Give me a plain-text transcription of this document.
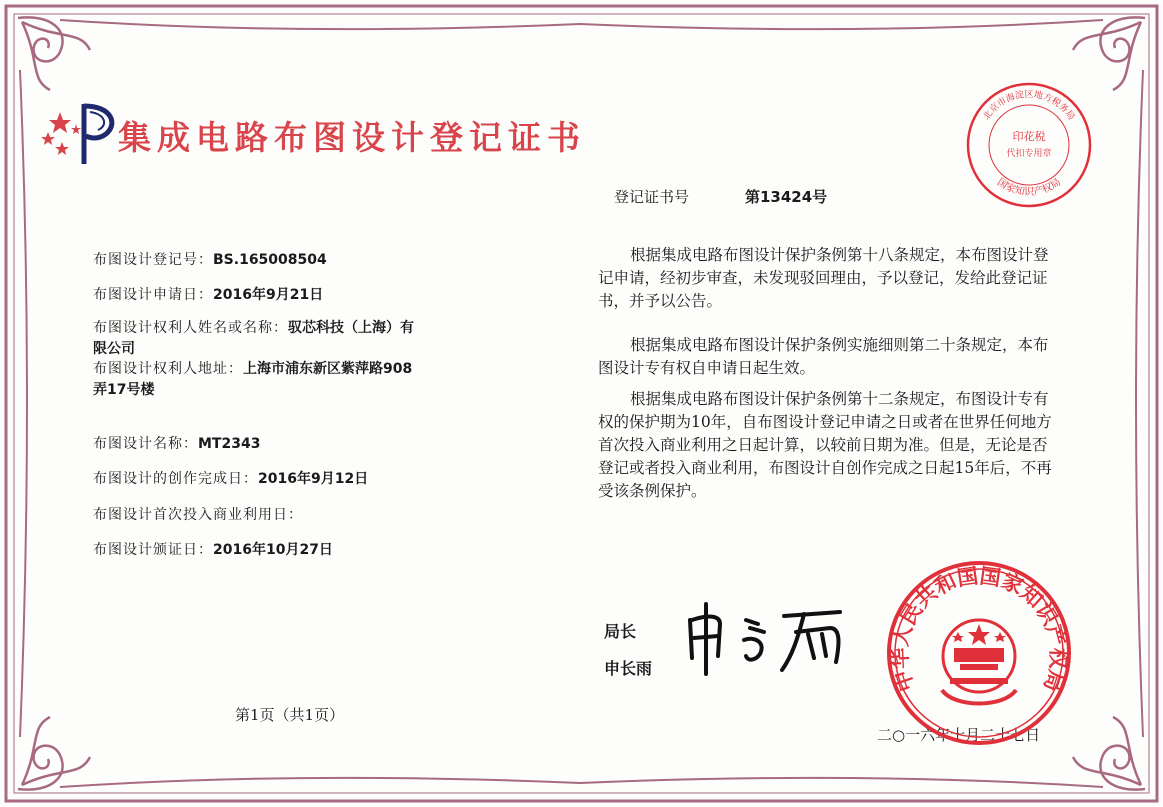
集成电路布图设计登记证书
登记证书号	第13424号
布图设计登记号：BS.165008504
布图设计申请日：2016年9月21日
布图设计权利人姓名或名称：驭芯科技（上海）有
限公司
布图设计权利人地址：上海市浦东新区紫萍路908
弄17号楼
布图设计名称：MT2343
布图设计的创作完成日：2016年9月12日
布图设计首次投入商业利用日：
布图设计颁证日：2016年10月27日

根据集成电路布图设计保护条例第十八条规定，本布图设计登记申请，经初步审查，未发现驳回理由，予以登记，发给此登记证书，并予以公告。

根据集成电路布图设计保护条例实施细则第二十条规定，本布图设计专有权自申请日起生效。

根据集成电路布图设计保护条例第十二条规定，布图设计专有权的保护期为10年，自布图设计登记申请之日或者在世界任何地方首次投入商业利用之日起计算，以较前日期为准。但是，无论是否登记或者投入商业利用，布图设计自创作完成之日起15年后，不再受该条例保护。

局长
申长雨
第1页（共1页）
二○一六年十月二十七日
中华人民共和国国家知识产权局
北京市海淀区地方税务局
国家知识产权局
印花税
代扣专用章
